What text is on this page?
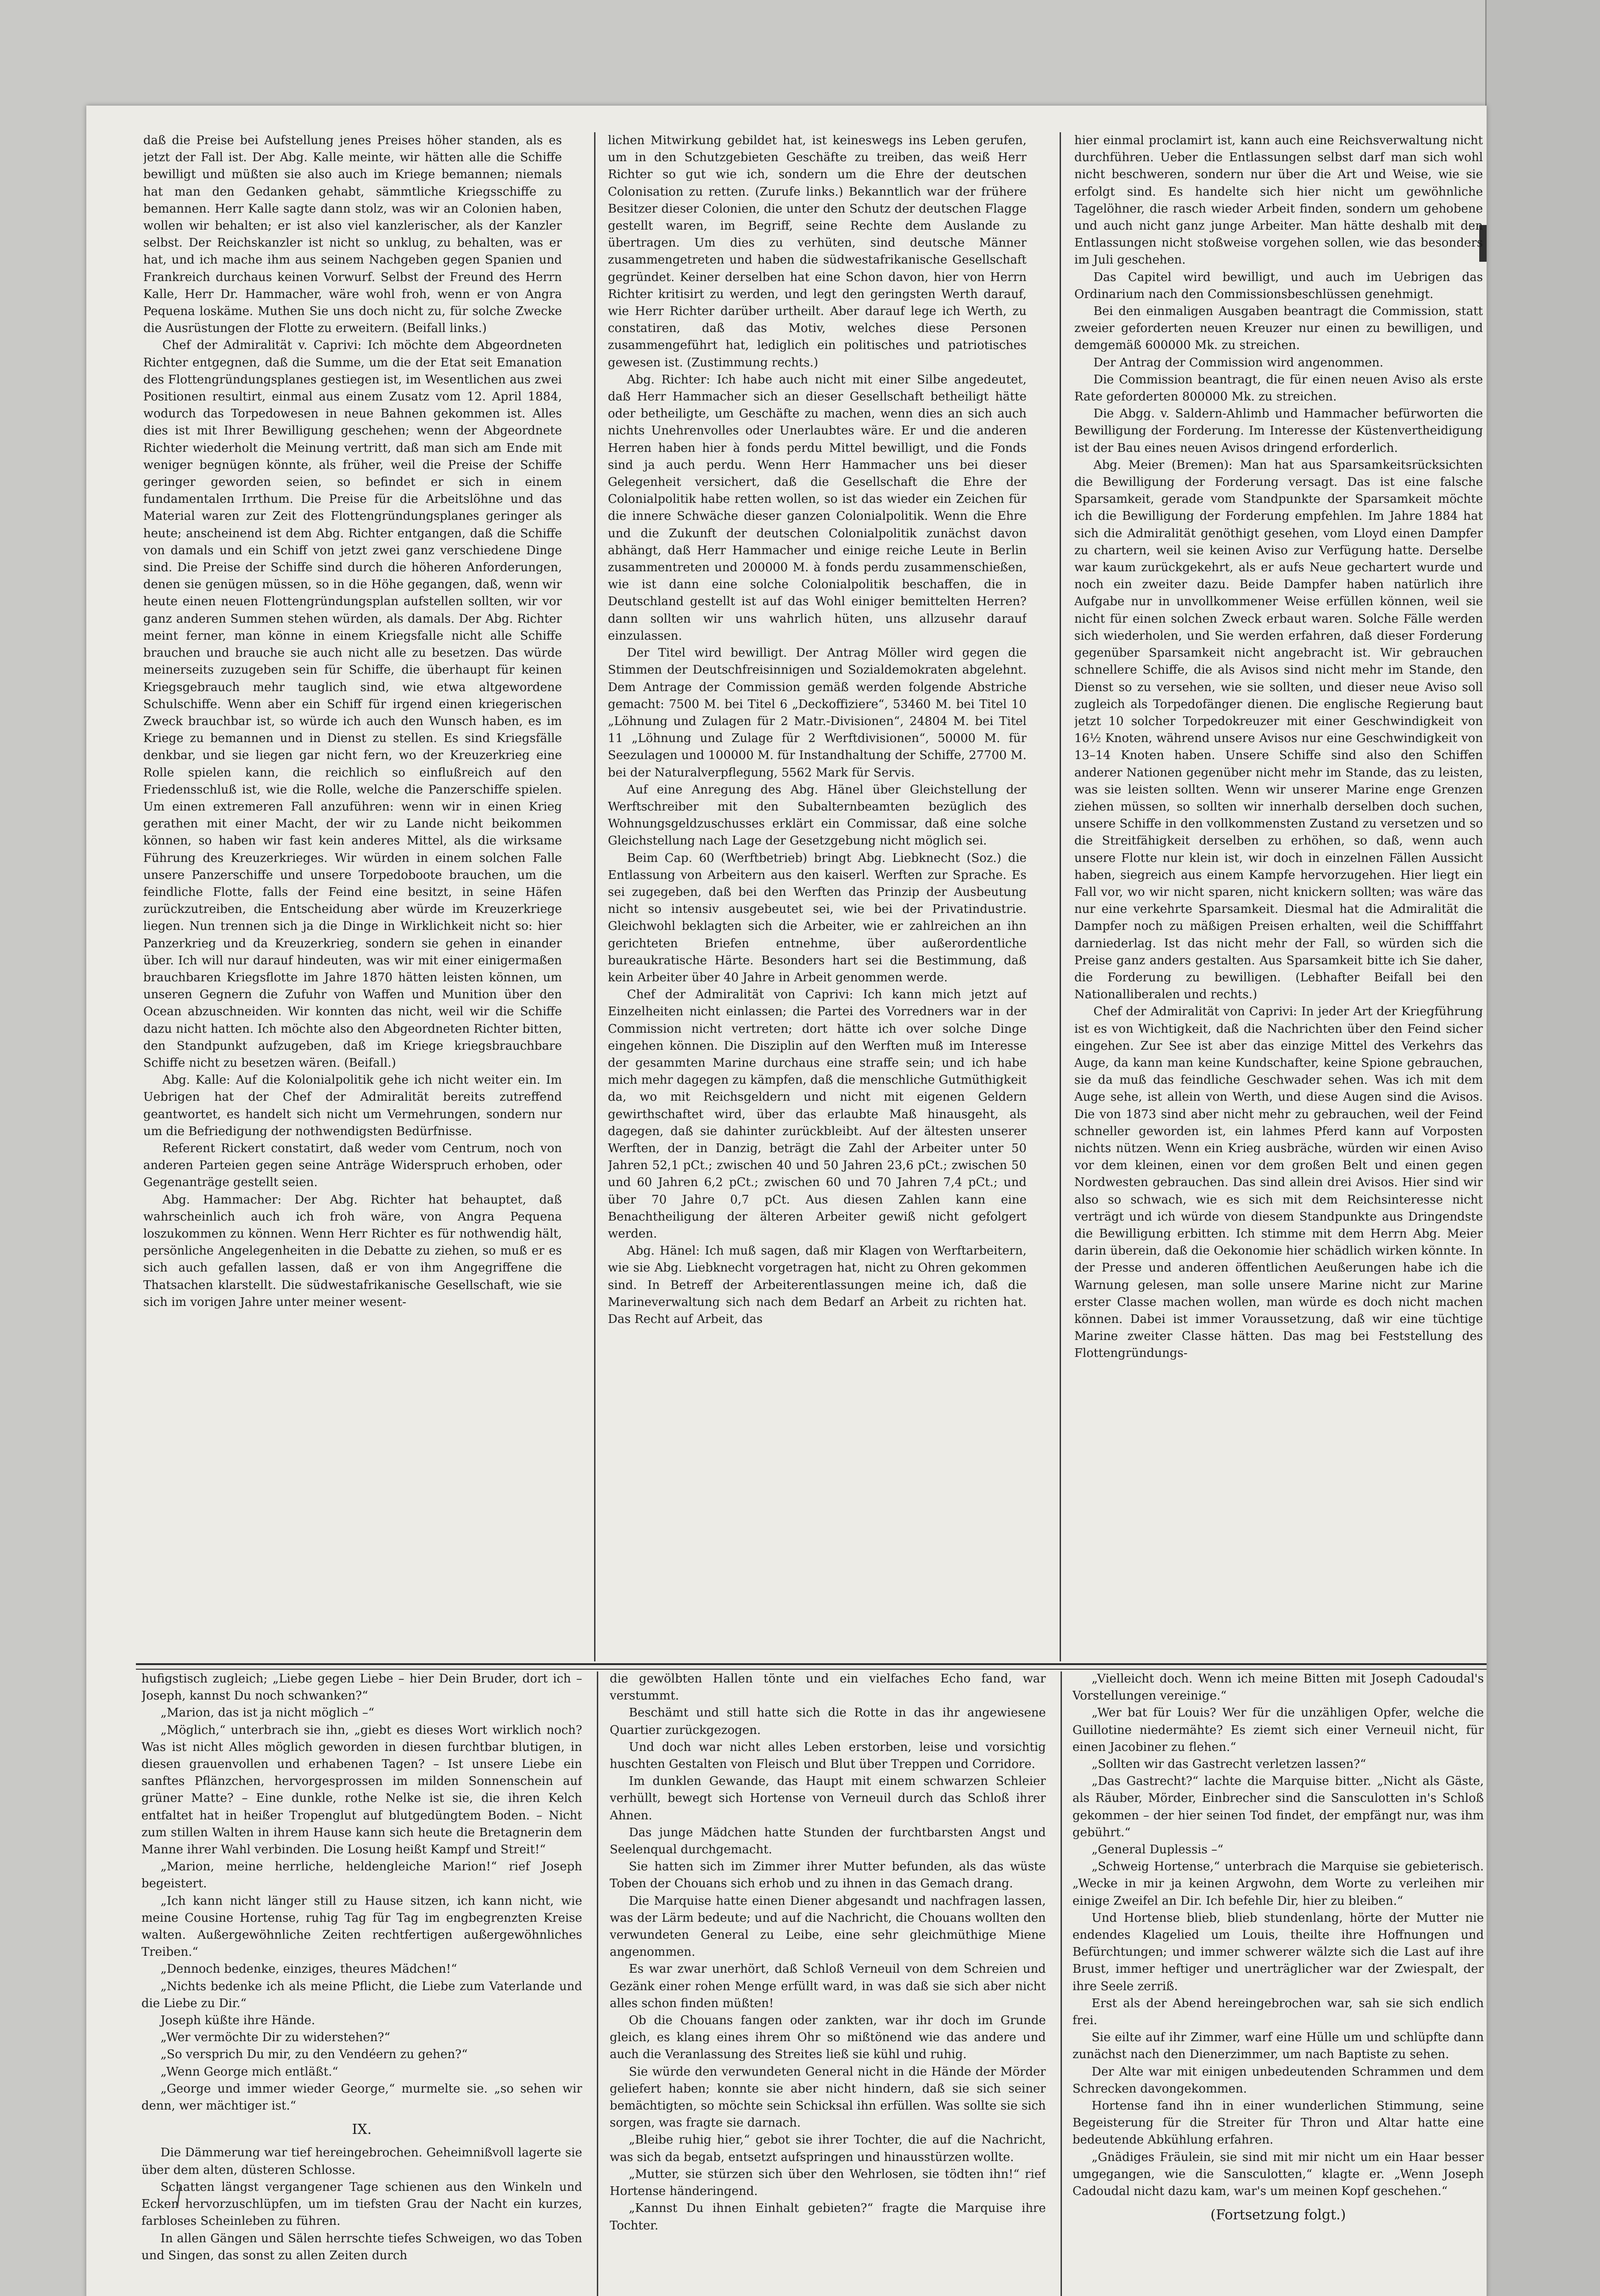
daß die Preise bei Aufstellung jenes Preises höher standen, als es jetzt der Fall ist. Der Abg. Kalle meinte, wir hätten alle die Schiffe bewilligt und müßten sie also auch im Kriege bemannen; niemals hat man den Gedanken gehabt, sämmtliche Kriegsschiffe zu bemannen. Herr Kalle sagte dann stolz, was wir an Colonien haben, wollen wir behalten; er ist also viel kanzlerischer, als der Kanzler selbst. Der Reichskanzler ist nicht so unklug, zu behalten, was er hat, und ich mache ihm aus seinem Nachgeben gegen Spanien und Frankreich durchaus keinen Vorwurf. Selbst der Freund des Herrn Kalle, Herr Dr. Hammacher, wäre wohl froh, wenn er von Angra Pequena loskäme. Muthen Sie uns doch nicht zu, für solche Zwecke die Ausrüstungen der Flotte zu erweitern. (Beifall links.)

Chef der Admiralität v. Caprivi: Ich möchte dem Abgeordneten Richter entgegnen, daß die Summe, um die der Etat seit Emanation des Flottengründungsplanes gestiegen ist, im Wesentlichen aus zwei Positionen resultirt, einmal aus einem Zusatz vom 12. April 1884, wodurch das Torpedowesen in neue Bahnen gekommen ist. Alles dies ist mit Ihrer Bewilligung geschehen; wenn der Abgeordnete Richter wiederholt die Meinung vertritt, daß man sich am Ende mit weniger begnügen könnte, als früher, weil die Preise der Schiffe geringer geworden seien, so befindet er sich in einem fundamentalen Irrthum. Die Preise für die Arbeitslöhne und das Material waren zur Zeit des Flottengründungsplanes geringer als heute; anscheinend ist dem Abg. Richter entgangen, daß die Schiffe von damals und ein Schiff von jetzt zwei ganz verschiedene Dinge sind. Die Preise der Schiffe sind durch die höheren Anforderungen, denen sie genügen müssen, so in die Höhe gegangen, daß, wenn wir heute einen neuen Flottengründungsplan aufstellen sollten, wir vor ganz anderen Summen stehen würden, als damals. Der Abg. Richter meint ferner, man könne in einem Kriegsfalle nicht alle Schiffe brauchen und brauche sie auch nicht alle zu besetzen. Das würde meinerseits zuzugeben sein für Schiffe, die überhaupt für keinen Kriegsgebrauch mehr tauglich sind, wie etwa altgewordene Schulschiffe. Wenn aber ein Schiff für irgend einen kriegerischen Zweck brauchbar ist, so würde ich auch den Wunsch haben, es im Kriege zu bemannen und in Dienst zu stellen. Es sind Kriegsfälle denkbar, und sie liegen gar nicht fern, wo der Kreuzerkrieg eine Rolle spielen kann, die reichlich so einflußreich auf den Friedensschluß ist, wie die Rolle, welche die Panzerschiffe spielen. Um einen extremeren Fall anzuführen: wenn wir in einen Krieg gerathen mit einer Macht, der wir zu Lande nicht beikommen können, so haben wir fast kein anderes Mittel, als die wirksame Führung des Kreuzerkrieges. Wir würden in einem solchen Falle unsere Panzerschiffe und unsere Torpedoboote brauchen, um die feindliche Flotte, falls der Feind eine besitzt, in seine Häfen zurückzutreiben, die Entscheidung aber würde im Kreuzerkriege liegen. Nun trennen sich ja die Dinge in Wirklichkeit nicht so: hier Panzerkrieg und da Kreuzerkrieg, sondern sie gehen in einander über. Ich will nur darauf hindeuten, was wir mit einer einigermaßen brauchbaren Kriegsflotte im Jahre 1870 hätten leisten können, um unseren Gegnern die Zufuhr von Waffen und Munition über den Ocean abzuschneiden. Wir konnten das nicht, weil wir die Schiffe dazu nicht hatten. Ich möchte also den Abgeordneten Richter bitten, den Standpunkt aufzugeben, daß im Kriege kriegsbrauchbare Schiffe nicht zu besetzen wären. (Beifall.)

Abg. Kalle: Auf die Kolonialpolitik gehe ich nicht weiter ein. Im Uebrigen hat der Chef der Admiralität bereits zutreffend geantwortet, es handelt sich nicht um Vermehrungen, sondern nur um die Befriedigung der nothwendigsten Bedürfnisse.

Referent Rickert constatirt, daß weder vom Centrum, noch von anderen Parteien gegen seine Anträge Widerspruch erhoben, oder Gegenanträge gestellt seien.

Abg. Hammacher: Der Abg. Richter hat behauptet, daß wahrscheinlich auch ich froh wäre, von Angra Pequena loszukommen zu können. Wenn Herr Richter es für nothwendig hält, persönliche Angelegenheiten in die Debatte zu ziehen, so muß er es sich auch gefallen lassen, daß er von ihm Angegriffene die Thatsachen klarstellt. Die südwestafrikanische Gesellschaft, wie sie sich im vorigen Jahre unter meiner wesent-

lichen Mitwirkung gebildet hat, ist keineswegs ins Leben gerufen, um in den Schutzgebieten Geschäfte zu treiben, das weiß Herr Richter so gut wie ich, sondern um die Ehre der deutschen Colonisation zu retten. (Zurufe links.) Bekanntlich war der frühere Besitzer dieser Colonien, die unter den Schutz der deutschen Flagge gestellt waren, im Begriff, seine Rechte dem Auslande zu übertragen. Um dies zu verhüten, sind deutsche Männer zusammengetreten und haben die südwestafrikanische Gesellschaft gegründet. Keiner derselben hat eine Schon davon, hier von Herrn Richter kritisirt zu werden, und legt den geringsten Werth darauf, wie Herr Richter darüber urtheilt. Aber darauf lege ich Werth, zu constatiren, daß das Motiv, welches diese Personen zusammengeführt hat, lediglich ein politisches und patriotisches gewesen ist. (Zustimmung rechts.)

Abg. Richter: Ich habe auch nicht mit einer Silbe angedeutet, daß Herr Hammacher sich an dieser Gesellschaft betheiligt hätte oder betheiligte, um Geschäfte zu machen, wenn dies an sich auch nichts Unehrenvolles oder Unerlaubtes wäre. Er und die anderen Herren haben hier à fonds perdu Mittel bewilligt, und die Fonds sind ja auch perdu. Wenn Herr Hammacher uns bei dieser Gelegenheit versichert, daß die Gesellschaft die Ehre der Colonialpolitik habe retten wollen, so ist das wieder ein Zeichen für die innere Schwäche dieser ganzen Colonialpolitik. Wenn die Ehre und die Zukunft der deutschen Colonialpolitik zunächst davon abhängt, daß Herr Hammacher und einige reiche Leute in Berlin zusammentreten und 200000 M. à fonds perdu zusammenschießen, wie ist dann eine solche Colonialpolitik beschaffen, die in Deutschland gestellt ist auf das Wohl einiger bemittelten Herren? dann sollten wir uns wahrlich hüten, uns allzusehr darauf einzulassen.

Der Titel wird bewilligt. Der Antrag Möller wird gegen die Stimmen der Deutschfreisinnigen und Sozialdemokraten abgelehnt. Dem Antrage der Commission gemäß werden folgende Abstriche gemacht: 7500 M. bei Titel 6 „Deckoffiziere“, 53460 M. bei Titel 10 „Löhnung und Zulagen für 2 Matr.-Divisionen“, 24804 M. bei Titel 11 „Löhnung und Zulage für 2 Werftdivisionen“, 50000 M. für Seezulagen und 100000 M. für Instandhaltung der Schiffe, 27700 M. bei der Naturalverpflegung, 5562 Mark für Servis.

Auf eine Anregung des Abg. Hänel über Gleichstellung der Werftschreiber mit den Subalternbeamten bezüglich des Wohnungsgeldzuschusses erklärt ein Commissar, daß eine solche Gleichstellung nach Lage der Gesetzgebung nicht möglich sei.

Beim Cap. 60 (Werftbetrieb) bringt Abg. Liebknecht (Soz.) die Entlassung von Arbeitern aus den kaiserl. Werften zur Sprache. Es sei zugegeben, daß bei den Werften das Prinzip der Ausbeutung nicht so intensiv ausgebeutet sei, wie bei der Privatindustrie. Gleichwohl beklagten sich die Arbeiter, wie er zahlreichen an ihn gerichteten Briefen entnehme, über außerordentliche bureaukratische Härte. Besonders hart sei die Bestimmung, daß kein Arbeiter über 40 Jahre in Arbeit genommen werde.

Chef der Admiralität von Caprivi: Ich kann mich jetzt auf Einzelheiten nicht einlassen; die Partei des Vorredners war in der Commission nicht vertreten; dort hätte ich over solche Dinge eingehen können. Die Disziplin auf den Werften muß im Interesse der gesammten Marine durchaus eine straffe sein; und ich habe mich mehr dagegen zu kämpfen, daß die menschliche Gutmüthigkeit da, wo mit Reichsgeldern und nicht mit eigenen Geldern gewirthschaftet wird, über das erlaubte Maß hinausgeht, als dagegen, daß sie dahinter zurückbleibt. Auf der ältesten unserer Werften, der in Danzig, beträgt die Zahl der Arbeiter unter 50 Jahren 52,1 pCt.; zwischen 40 und 50 Jahren 23,6 pCt.; zwischen 50 und 60 Jahren 6,2 pCt.; zwischen 60 und 70 Jahren 7,4 pCt.; und über 70 Jahre 0,7 pCt. Aus diesen Zahlen kann eine Benachtheiligung der älteren Arbeiter gewiß nicht gefolgert werden.

Abg. Hänel: Ich muß sagen, daß mir Klagen von Werftarbeitern, wie sie Abg. Liebknecht vorgetragen hat, nicht zu Ohren gekommen sind. In Betreff der Arbeiterentlassungen meine ich, daß die Marineverwaltung sich nach dem Bedarf an Arbeit zu richten hat. Das Recht auf Arbeit, das

hier einmal proclamirt ist, kann auch eine Reichsverwaltung nicht durchführen. Ueber die Entlassungen selbst darf man sich wohl nicht beschweren, sondern nur über die Art und Weise, wie sie erfolgt sind. Es handelte sich hier nicht um gewöhnliche Tagelöhner, die rasch wieder Arbeit finden, sondern um gehobene und auch nicht ganz junge Arbeiter. Man hätte deshalb mit den Entlassungen nicht stoßweise vorgehen sollen, wie das besonders im Juli geschehen.

Das Capitel wird bewilligt, und auch im Uebrigen das Ordinarium nach den Commissionsbeschlüssen genehmigt.

Bei den einmaligen Ausgaben beantragt die Commission, statt zweier geforderten neuen Kreuzer nur einen zu bewilligen, und demgemäß 600000 Mk. zu streichen.

Der Antrag der Commission wird angenommen.

Die Commission beantragt, die für einen neuen Aviso als erste Rate geforderten 800000 Mk. zu streichen.

Die Abgg. v. Saldern-Ahlimb und Hammacher befürworten die Bewilligung der Forderung. Im Interesse der Küstenvertheidigung ist der Bau eines neuen Avisos dringend erforderlich.

Abg. Meier (Bremen): Man hat aus Sparsamkeitsrücksichten die Bewilligung der Forderung versagt. Das ist eine falsche Sparsamkeit, gerade vom Standpunkte der Sparsamkeit möchte ich die Bewilligung der Forderung empfehlen. Im Jahre 1884 hat sich die Admiralität genöthigt gesehen, vom Lloyd einen Dampfer zu chartern, weil sie keinen Aviso zur Verfügung hatte. Derselbe war kaum zurückgekehrt, als er aufs Neue gechartert wurde und noch ein zweiter dazu. Beide Dampfer haben natürlich ihre Aufgabe nur in unvollkommener Weise erfüllen können, weil sie nicht für einen solchen Zweck erbaut waren. Solche Fälle werden sich wiederholen, und Sie werden erfahren, daß dieser Forderung gegenüber Sparsamkeit nicht angebracht ist. Wir gebrauchen schnellere Schiffe, die als Avisos sind nicht mehr im Stande, den Dienst so zu versehen, wie sie sollten, und dieser neue Aviso soll zugleich als Torpedofänger dienen. Die englische Regierung baut jetzt 10 solcher Torpedokreuzer mit einer Geschwindigkeit von 16½ Knoten, während unsere Avisos nur eine Geschwindigkeit von 13–14 Knoten haben. Unsere Schiffe sind also den Schiffen anderer Nationen gegenüber nicht mehr im Stande, das zu leisten, was sie leisten sollten. Wenn wir unserer Marine enge Grenzen ziehen müssen, so sollten wir innerhalb derselben doch suchen, unsere Schiffe in den vollkommensten Zustand zu versetzen und so die Streitfähigkeit derselben zu erhöhen, so daß, wenn auch unsere Flotte nur klein ist, wir doch in einzelnen Fällen Aussicht haben, siegreich aus einem Kampfe hervorzugehen. Hier liegt ein Fall vor, wo wir nicht sparen, nicht knickern sollten; was wäre das nur eine verkehrte Sparsamkeit. Diesmal hat die Admiralität die Dampfer noch zu mäßigen Preisen erhalten, weil die Schifffahrt darniederlag. Ist das nicht mehr der Fall, so würden sich die Preise ganz anders gestalten. Aus Sparsamkeit bitte ich Sie daher, die Forderung zu bewilligen. (Lebhafter Beifall bei den Nationalliberalen und rechts.)

Chef der Admiralität von Caprivi: In jeder Art der Kriegführung ist es von Wichtigkeit, daß die Nachrichten über den Feind sicher eingehen. Zur See ist aber das einzige Mittel des Verkehrs das Auge, da kann man keine Kundschafter, keine Spione gebrauchen, sie da muß das feindliche Geschwader sehen. Was ich mit dem Auge sehe, ist allein von Werth, und diese Augen sind die Avisos. Die von 1873 sind aber nicht mehr zu gebrauchen, weil der Feind schneller geworden ist, ein lahmes Pferd kann auf Vorposten nichts nützen. Wenn ein Krieg ausbräche, würden wir einen Aviso vor dem kleinen, einen vor dem großen Belt und einen gegen Nordwesten gebrauchen. Das sind allein drei Avisos. Hier sind wir also so schwach, wie es sich mit dem Reichsinteresse nicht verträgt und ich würde von diesem Standpunkte aus Dringendste die Bewilligung erbitten. Ich stimme mit dem Herrn Abg. Meier darin überein, daß die Oekonomie hier schädlich wirken könnte. In der Presse und anderen öffentlichen Aeußerungen habe ich die Warnung gelesen, man solle unsere Marine nicht zur Marine erster Classe machen wollen, man würde es doch nicht machen können. Dabei ist immer Voraussetzung, daß wir eine tüchtige Marine zweiter Classe hätten. Das mag bei Feststellung des Flottengründungs-

hufigstisch zugleich; „Liebe gegen Liebe – hier Dein Bruder, dort ich – Joseph, kannst Du noch schwanken?“

„Marion, das ist ja nicht möglich –“

„Möglich,“ unterbrach sie ihn, „giebt es dieses Wort wirklich noch? Was ist nicht Alles möglich geworden in diesen furchtbar blutigen, in diesen grauenvollen und erhabenen Tagen? – Ist unsere Liebe ein sanftes Pflänzchen, hervorgesprossen im milden Sonnenschein auf grüner Matte? – Eine dunkle, rothe Nelke ist sie, die ihren Kelch entfaltet hat in heißer Tropenglut auf blutgedüngtem Boden. – Nicht zum stillen Walten in ihrem Hause kann sich heute die Bretagnerin dem Manne ihrer Wahl verbinden. Die Losung heißt Kampf und Streit!“

„Marion, meine herrliche, heldengleiche Marion!“ rief Joseph begeistert.

„Ich kann nicht länger still zu Hause sitzen, ich kann nicht, wie meine Cousine Hortense, ruhig Tag für Tag im engbegrenzten Kreise walten. Außergewöhnliche Zeiten rechtfertigen außergewöhnliches Treiben.“

„Dennoch bedenke, einziges, theures Mädchen!“

„Nichts bedenke ich als meine Pflicht, die Liebe zum Vaterlande und die Liebe zu Dir.“

Joseph küßte ihre Hände.

„Wer vermöchte Dir zu widerstehen?“

„So versprich Du mir, zu den Vendéern zu gehen?“

„Wenn George mich entläßt.“

„George und immer wieder George,“ murmelte sie. „so sehen wir denn, wer mächtiger ist.“

IX.

Die Dämmerung war tief hereingebrochen. Geheimnißvoll lagerte sie über dem alten, düsteren Schlosse.

Schatten längst vergangener Tage schienen aus den Winkeln und Ecken hervorzuschlüpfen, um im tiefsten Grau der Nacht ein kurzes, farbloses Scheinleben zu führen.

In allen Gängen und Sälen herrschte tiefes Schweigen, wo das Toben und Singen, das sonst zu allen Zeiten durch

die gewölbten Hallen tönte und ein vielfaches Echo fand, war verstummt.

Beschämt und still hatte sich die Rotte in das ihr angewiesene Quartier zurückgezogen.

Und doch war nicht alles Leben erstorben, leise und vorsichtig huschten Gestalten von Fleisch und Blut über Treppen und Corridore.

Im dunklen Gewande, das Haupt mit einem schwarzen Schleier verhüllt, bewegt sich Hortense von Verneuil durch das Schloß ihrer Ahnen.

Das junge Mädchen hatte Stunden der furchtbarsten Angst und Seelenqual durchgemacht.

Sie hatten sich im Zimmer ihrer Mutter befunden, als das wüste Toben der Chouans sich erhob und zu ihnen in das Gemach drang.

Die Marquise hatte einen Diener abgesandt und nachfragen lassen, was der Lärm bedeute; und auf die Nachricht, die Chouans wollten den verwundeten General zu Leibe, eine sehr gleichmüthige Miene angenommen.

Es war zwar unerhört, daß Schloß Verneuil von dem Schreien und Gezänk einer rohen Menge erfüllt ward, in was daß sie sich aber nicht alles schon finden müßten!

Ob die Chouans fangen oder zankten, war ihr doch im Grunde gleich, es klang eines ihrem Ohr so mißtönend wie das andere und auch die Veranlassung des Streites ließ sie kühl und ruhig.

Sie würde den verwundeten General nicht in die Hände der Mörder geliefert haben; konnte sie aber nicht hindern, daß sie sich seiner bemächtigten, so möchte sein Schicksal ihn erfüllen. Was sollte sie sich sorgen, was fragte sie darnach.

„Bleibe ruhig hier,“ gebot sie ihrer Tochter, die auf die Nachricht, was sich da begab, entsetzt aufspringen und hinausstürzen wollte.

„Mutter, sie stürzen sich über den Wehrlosen, sie tödten ihn!“ rief Hortense händeringend.

„Kannst Du ihnen Einhalt gebieten?“ fragte die Marquise ihre Tochter.

„Vielleicht doch. Wenn ich meine Bitten mit Joseph Cadoudal's Vorstellungen vereinige.“

„Wer bat für Louis? Wer für die unzähligen Opfer, welche die Guillotine niedermähte? Es ziemt sich einer Verneuil nicht, für einen Jacobiner zu flehen.“

„Sollten wir das Gastrecht verletzen lassen?“

„Das Gastrecht?“ lachte die Marquise bitter. „Nicht als Gäste, als Räuber, Mörder, Einbrecher sind die Sansculotten in's Schloß gekommen – der hier seinen Tod findet, der empfängt nur, was ihm gebührt.“

„General Duplessis –“

„Schweig Hortense,“ unterbrach die Marquise sie gebieterisch. „Wecke in mir ja keinen Argwohn, dem Worte zu verleihen mir einige Zweifel an Dir. Ich befehle Dir, hier zu bleiben.“

Und Hortense blieb, blieb stundenlang, hörte der Mutter nie endendes Klagelied um Louis, theilte ihre Hoffnungen und Befürchtungen; und immer schwerer wälzte sich die Last auf ihre Brust, immer heftiger und unerträglicher war der Zwiespalt, der ihre Seele zerriß.

Erst als der Abend hereingebrochen war, sah sie sich endlich frei.

Sie eilte auf ihr Zimmer, warf eine Hülle um und schlüpfte dann zunächst nach den Dienerzimmer, um nach Baptiste zu sehen.

Der Alte war mit einigen unbedeutenden Schrammen und dem Schrecken davongekommen.

Hortense fand ihn in einer wunderlichen Stimmung, seine Begeisterung für die Streiter für Thron und Altar hatte eine bedeutende Abkühlung erfahren.

„Gnädiges Fräulein, sie sind mit mir nicht um ein Haar besser umgegangen, wie die Sansculotten,“ klagte er. „Wenn Joseph Cadoudal nicht dazu kam, war's um meinen Kopf geschehen.“

(Fortsetzung folgt.)
